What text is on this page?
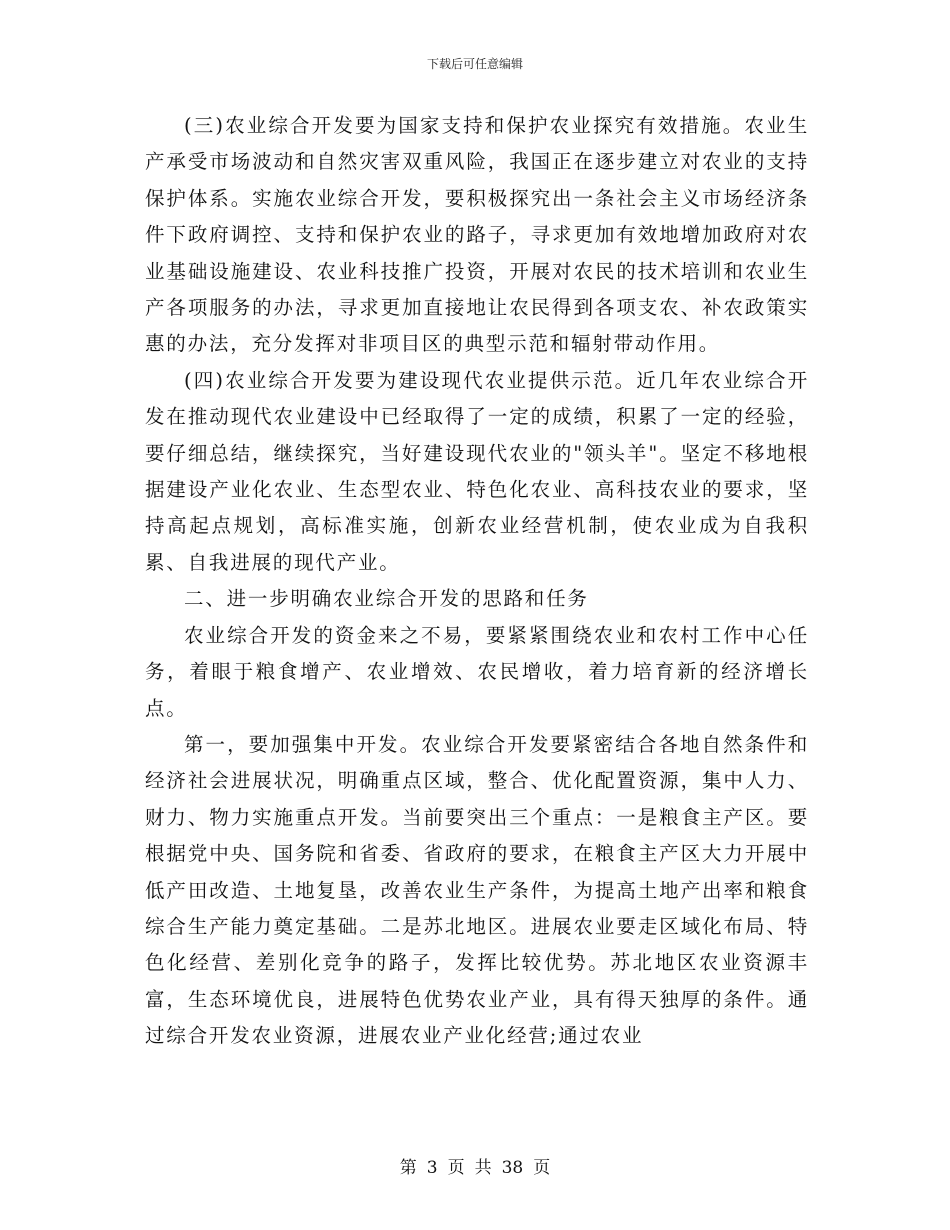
下载后可任意编辑

(三)农业综合开发要为国家支持和保护农业探究有效措施。农业生产承受市场波动和自然灾害双重风险，我国正在逐步建立对农业的支持保护体系。实施农业综合开发，要积极探究出一条社会主义市场经济条件下政府调控、支持和保护农业的路子，寻求更加有效地增加政府对农业基础设施建设、农业科技推广投资，开展对农民的技术培训和农业生产各项服务的办法，寻求更加直接地让农民得到各项支农、补农政策实惠的办法，充分发挥对非项目区的典型示范和辐射带动作用。

(四)农业综合开发要为建设现代农业提供示范。近几年农业综合开发在推动现代农业建设中已经取得了一定的成绩，积累了一定的经验，要仔细总结，继续探究，当好建设现代农业的"领头羊"。坚定不移地根据建设产业化农业、生态型农业、特色化农业、高科技农业的要求，坚持高起点规划，高标准实施，创新农业经营机制，使农业成为自我积累、自我进展的现代产业。

二、进一步明确农业综合开发的思路和任务

农业综合开发的资金来之不易，要紧紧围绕农业和农村工作中心任务，着眼于粮食增产、农业增效、农民增收，着力培育新的经济增长点。

第一，要加强集中开发。农业综合开发要紧密结合各地自然条件和经济社会进展状况，明确重点区域，整合、优化配置资源，集中人力、财力、物力实施重点开发。当前要突出三个重点：一是粮食主产区。要根据党中央、国务院和省委、省政府的要求，在粮食主产区大力开展中低产田改造、土地复垦，改善农业生产条件，为提高土地产出率和粮食综合生产能力奠定基础。二是苏北地区。进展农业要走区域化布局、特色化经营、差别化竞争的路子，发挥比较优势。苏北地区农业资源丰富，生态环境优良，进展特色优势农业产业，具有得天独厚的条件。通过综合开发农业资源，进展农业产业化经营;通过农业

第 3 页 共 38 页
